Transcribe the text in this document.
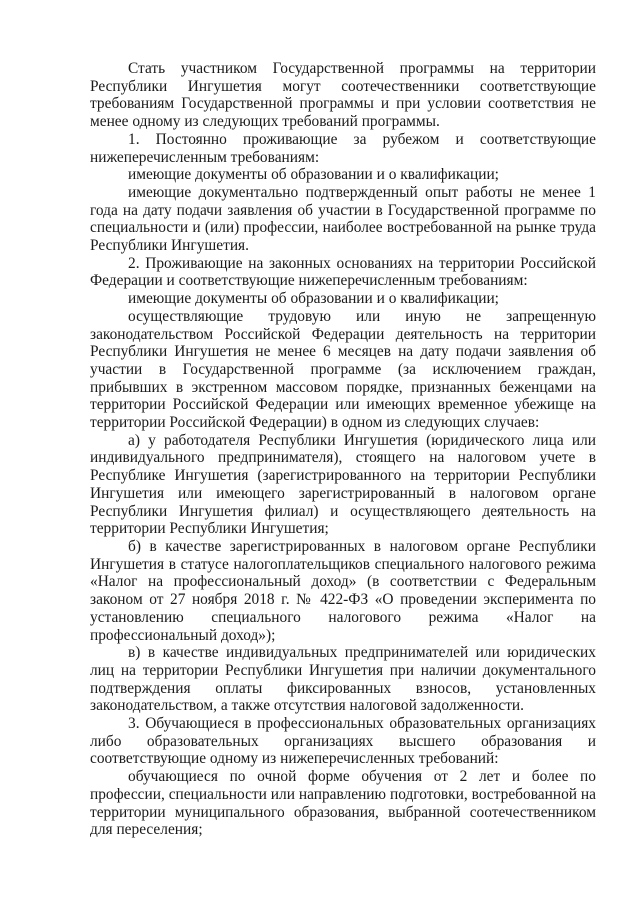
Стать участником Государственной программы на территории Республики Ингушетия могут соотечественники соответствующие требованиям Государственной программы и при условии соответствия не менее одному из следующих требований программы.

1. Постоянно проживающие за рубежом и соответствующие нижеперечисленным требованиям:

имеющие документы об образовании и о квалификации;

имеющие документально подтвержденный опыт работы не менее 1 года на дату подачи заявления об участии в Государственной программе по специальности и (или) профессии, наиболее востребованной на рынке труда Республики Ингушетия.

2. Проживающие на законных основаниях на территории Российской Федерации и соответствующие нижеперечисленным требованиям:

имеющие документы об образовании и о квалификации;

осуществляющие трудовую или иную не запрещенную законодательством Российской Федерации деятельность на территории Республики Ингушетия не менее 6 месяцев на дату подачи заявления об участии в Государственной программе (за исключением граждан, прибывших в экстренном массовом порядке, признанных беженцами на территории Российской Федерации или имеющих временное убежище на территории Российской Федерации) в одном из следующих случаев:

а) у работодателя Республики Ингушетия (юридического лица или индивидуального предпринимателя), стоящего на налоговом учете в Республике Ингушетия (зарегистрированного на территории Республики Ингушетия или имеющего зарегистрированный в налоговом органе Республики Ингушетия филиал) и осуществляющего деятельность на территории Республики Ингушетия;

б) в качестве зарегистрированных в налоговом органе Республики Ингушетия в статусе налогоплательщиков специального налогового режима «Налог на профессиональный доход» (в соответствии с Федеральным законом от 27 ноября 2018 г. № 422-ФЗ «О проведении эксперимента по установлению специального налогового режима «Налог на профессиональный доход»);

в) в качестве индивидуальных предпринимателей или юридических лиц на территории Республики Ингушетия при наличии документального подтверждения оплаты фиксированных взносов, установленных законодательством, а также отсутствия налоговой задолженности.

3. Обучающиеся в профессиональных образовательных организациях либо образовательных организациях высшего образования и соответствующие одному из нижеперечисленных требований:

обучающиеся по очной форме обучения от 2 лет и более по профессии, специальности или направлению подготовки, востребованной на территории муниципального образования, выбранной соотечественником для переселения;
